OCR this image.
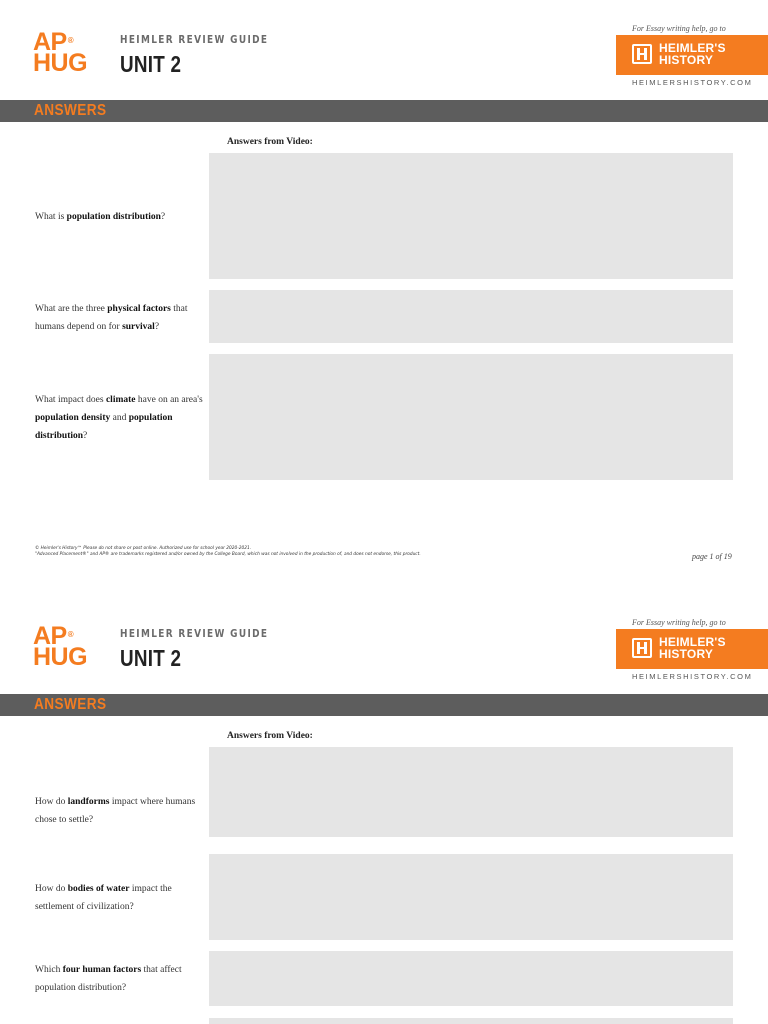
AP®
HUG
HEIMLER REVIEW GUIDE
UNIT 2
For Essay writing help, go to
HEIMLER'S
HISTORY
HEIMLERSHISTORY.COM
ANSWERS
Answers from Video:
What is population distribution?
What are the three physical factors that humans depend on for survival?
What impact does climate have on an area's population density and population distribution?
© Heimler's History™ Please do not share or post online. Authorized use for school year 2020-2021.
"Advanced Placement®" and AP® are trademarks registered and/or owned by the College Board, which was not involved in the production of, and does not endorse, this product.	page 1 of 19
AP®
HUG
HEIMLER REVIEW GUIDE
UNIT 2
For Essay writing help, go to
HEIMLER'S
HISTORY
HEIMLERSHISTORY.COM
ANSWERS
Answers from Video:
How do landforms impact where humans chose to settle?
How do bodies of water impact the settlement of civilization?
Which four human factors that affect population distribution?
